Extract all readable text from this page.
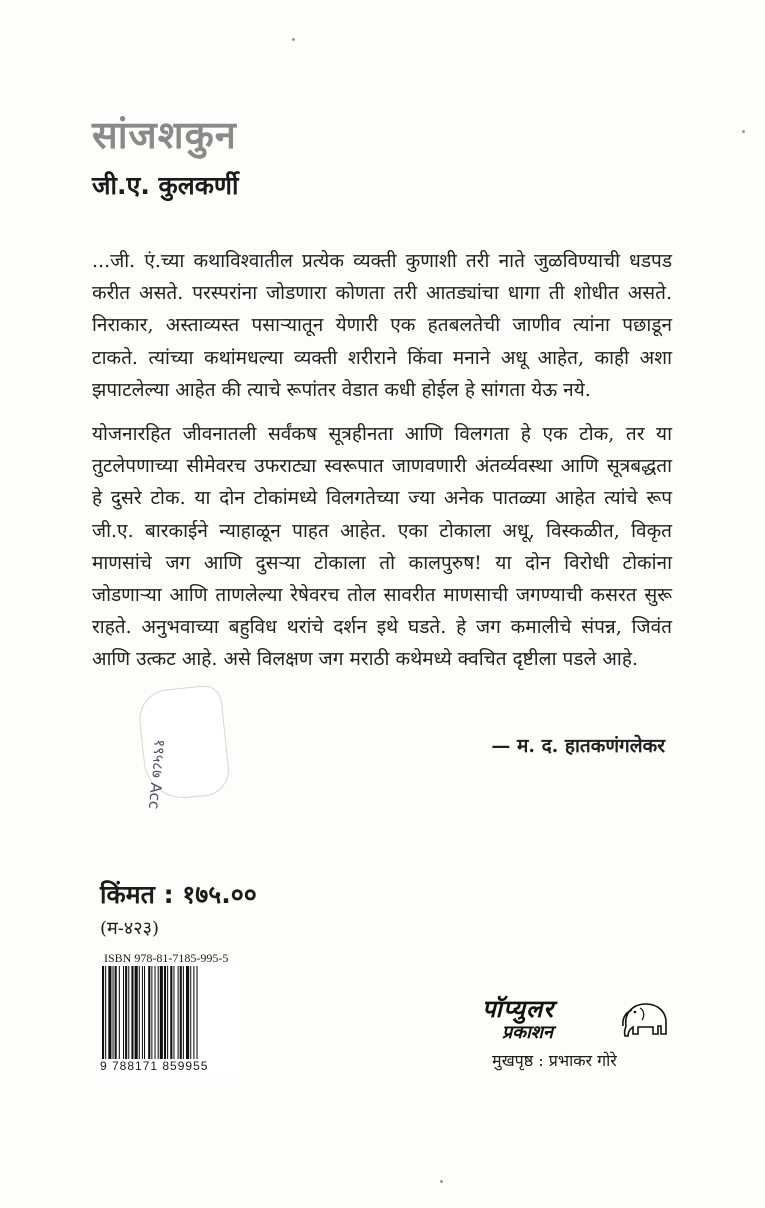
सांजशकुन
जी.ए. कुलकर्णी

...जी. एं.च्या कथाविश्वातील प्रत्येक व्यक्ती कुणाशी तरी नाते जुळविण्याची धडपड करीत असते. परस्परांना जोडणारा कोणता तरी आतड्यांचा धागा ती शोधीत असते. निराकार, अस्ताव्यस्त पसाऱ्यातून येणारी एक हतबलतेची जाणीव त्यांना पछाडून टाकते. त्यांच्या कथांमधल्या व्यक्ती शरीराने किंवा मनाने अधू आहेत, काही अशा झपाटलेल्या आहेत की त्याचे रूपांतर वेडात कधी होईल हे सांगता येऊ नये.

योजनारहित जीवनातली सर्वंकष सूत्रहीनता आणि विलगता हे एक टोक, तर या तुटलेपणाच्या सीमेवरच उफराट्या स्वरूपात जाणवणारी अंतर्व्यवस्था आणि सूत्रबद्धता हे दुसरे टोक. या दोन टोकांमध्ये विलगतेच्या ज्या अनेक पातळ्या आहेत त्यांचे रूप जी.ए. बारकाईने न्याहाळून पाहत आहेत. एका टोकाला अधू, विस्कळीत, विकृत माणसांचे जग आणि दुसऱ्या टोकाला तो कालपुरुष! या दोन विरोधी टोकांना जोडणाऱ्या आणि ताणलेल्या रेषेवरच तोल सावरीत माणसाची जगण्याची कसरत सुरू राहते. अनुभवाच्या बहुविध थरांचे दर्शन इथे घडते. हे जग कमालीचे संपन्न, जिवंत आणि उत्कट आहे. असे विलक्षण जग मराठी कथेमध्ये क्वचित दृष्टीला पडले आहे.

१९५८७ Acc	— म. द. हातकणंगलेकर
किंमत : १७५.००
(म-४२३)
ISBN 978-81-7185-995-5
9 788171 859955
पॉप्युलर
प्रकाशन
मुखपृष्ठ : प्रभाकर गोरे
